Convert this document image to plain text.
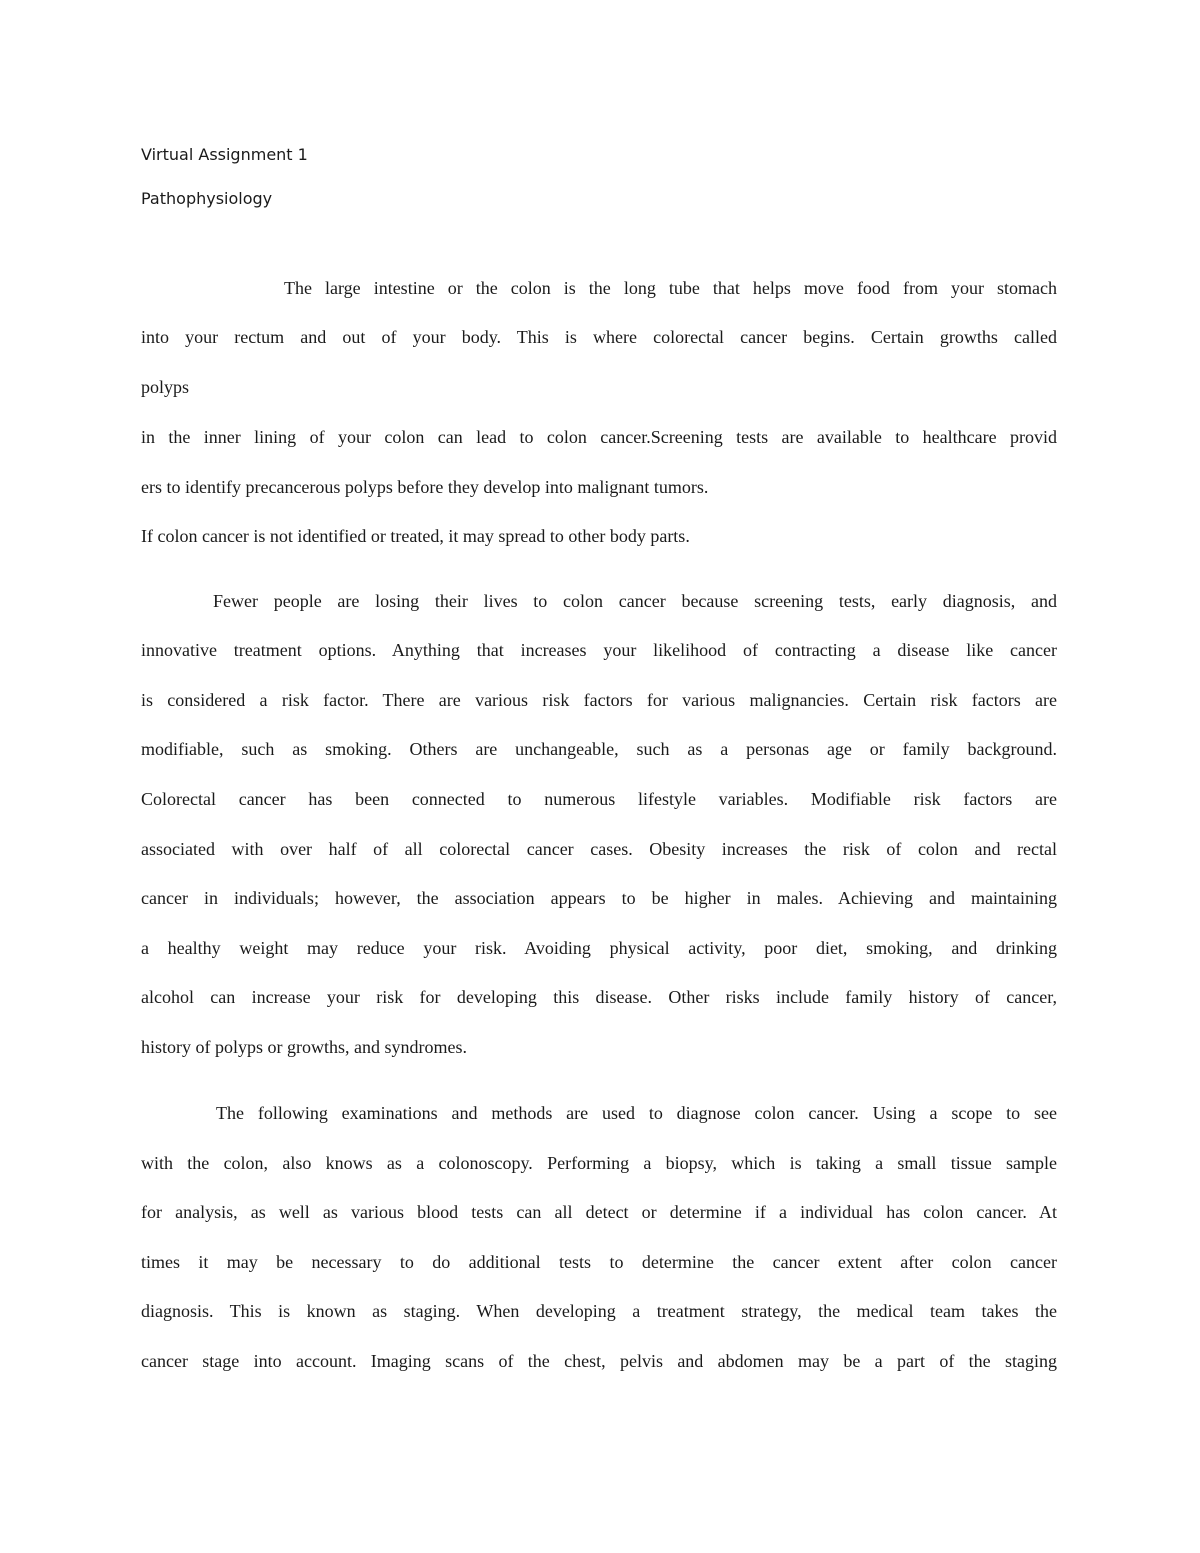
Virtual Assignment 1
Pathophysiology
The large intestine or the colon is the long tube that helps move food from your stomach
into your rectum and out of your body. This is where colorectal cancer begins. Certain growths called
polyps
in the inner lining of your colon can lead to colon cancer.Screening tests are available to healthcare provid
ers to identify precancerous polyps before they develop into malignant tumors.
If colon cancer is not identified or treated, it may spread to other body parts.
Fewer people are losing their lives to colon cancer because screening tests, early diagnosis, and
innovative treatment options. Anything that increases your likelihood of contracting a disease like cancer
is considered a risk factor. There are various risk factors for various malignancies. Certain risk factors are
modifiable, such as smoking. Others are unchangeable, such as a personas age or family background.
Colorectal cancer has been connected to numerous lifestyle variables. Modifiable risk factors are
associated with over half of all colorectal cancer cases. Obesity increases the risk of colon and rectal
cancer in individuals; however, the association appears to be higher in males. Achieving and maintaining
a healthy weight may reduce your risk. Avoiding physical activity, poor diet, smoking, and drinking
alcohol can increase your risk for developing this disease. Other risks include family history of cancer,
history of polyps or growths, and syndromes.
The following examinations and methods are used to diagnose colon cancer. Using a scope to see
with the colon, also knows as a colonoscopy. Performing a biopsy, which is taking a small tissue sample
for analysis, as well as various blood tests can all detect or determine if a individual has colon cancer. At
times it may be necessary to do additional tests to determine the cancer extent after colon cancer
diagnosis. This is known as staging. When developing a treatment strategy, the medical team takes the
cancer stage into account. Imaging scans of the chest, pelvis and abdomen may be a part of the staging
